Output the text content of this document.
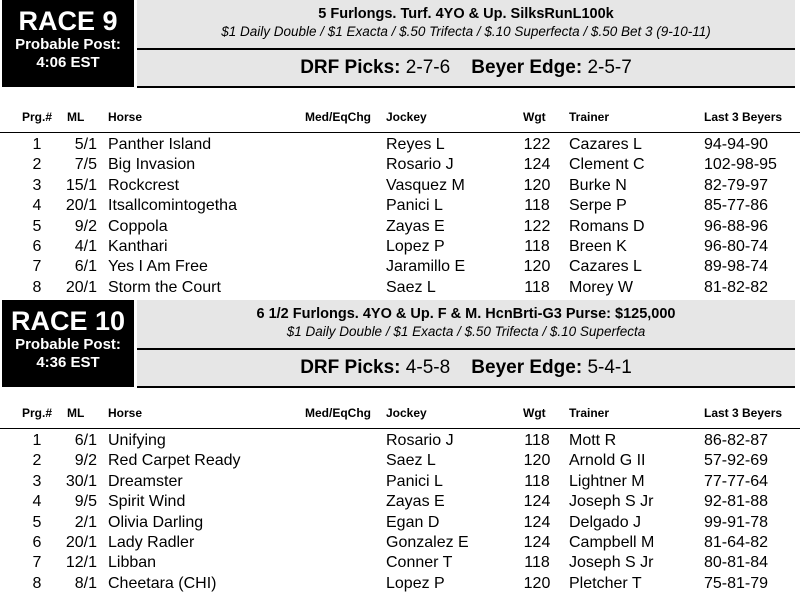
RACE 9
Probable Post:
4:06 EST
5 Furlongs. Turf. 4YO & Up. SilksRunL100k
$1 Daily Double / $1 Exacta / $.50 Trifecta / $.10 Superfecta / $.50 Bet 3 (9-10-11)
DRF Picks: 2-7-6 Beyer Edge: 2-5-7
Prg.#	ML Horse	Med/EqChg Jockey	Wgt Trainer	Last 3 Beyers
1	5/1 Panther Island	Reyes L	122 Cazares L	94-94-90
2	7/5 Big Invasion	Rosario J	124 Clement C	102-98-95
3	15/1 Rockcrest	Vasquez M	120 Burke N	82-79-97
4	20/1 Itsallcomintogetha	Panici L	118 Serpe P	85-77-86
5	9/2 Coppola	Zayas E	122 Romans D	96-88-96
6	4/1 Kanthari	Lopez P	118 Breen K	96-80-74
7	6/1 Yes I Am Free	Jaramillo E	120 Cazares L	89-98-74
8	20/1 Storm the Court	Saez L	118 Morey W	81-82-82
RACE 10
Probable Post:
4:36 EST
6 1/2 Furlongs. 4YO & Up. F & M. HcnBrti-G3 Purse: $125,000
$1 Daily Double / $1 Exacta / $.50 Trifecta / $.10 Superfecta
DRF Picks: 4-5-8 Beyer Edge: 5-4-1
Prg.#	ML Horse	Med/EqChg Jockey	Wgt Trainer	Last 3 Beyers
1	6/1 Unifying	Rosario J	118 Mott R	86-82-87
2	9/2 Red Carpet Ready	Saez L	120 Arnold G II	57-92-69
3	30/1 Dreamster	Panici L	118 Lightner M	77-77-64
4	9/5 Spirit Wind	Zayas E	124 Joseph S Jr	92-81-88
5	2/1 Olivia Darling	Egan D	124 Delgado J	99-91-78
6	20/1 Lady Radler	Gonzalez E	124 Campbell M	81-64-82
7	12/1 Libban	Conner T	118 Joseph S Jr	80-81-84
8	8/1 Cheetara (CHI)	Lopez P	120 Pletcher T	75-81-79
